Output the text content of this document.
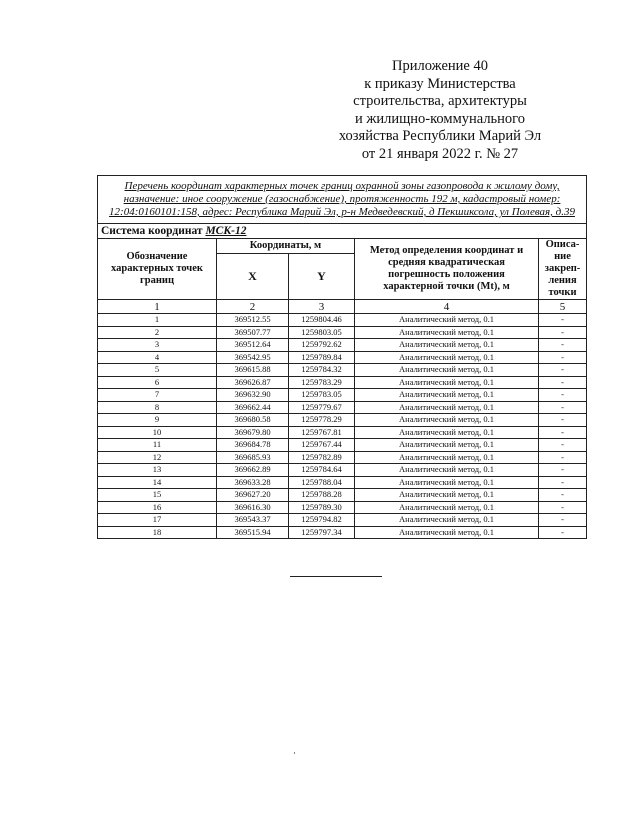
Приложение 40
к приказу Министерства
строительства, архитектуры
и жилищно-коммунального
хозяйства Республики Марий Эл
от 21 января 2022 г. № 27
Перечень координат характерных точек границ охранной зоны газопровода к жилому дому, назначение: иное сооружение (газоснабжение), протяженность 192 м, кадастровый номер: 12:04:0160101:158, адрес: Республика Марий Эл, р-н Медведевский, д Пекшиксола, ул Полевая, д.39				
Система координат МСК-12				
Обозначение характерных точек границ	Координаты, м		Метод определения координат и средняя квадратическая погрешность положения характерной точки (Mt), м	Описа-ние закреп-ления точки
	X	Y		
1	2	3	4	5
1	369512.55	1259804.46	Аналитический метод, 0.1	-
2	369507.77	1259803.05	Аналитический метод, 0.1	-
3	369512.64	1259792.62	Аналитический метод, 0.1	-
4	369542.95	1259789.84	Аналитический метод, 0.1	-
5	369615.88	1259784.32	Аналитический метод, 0.1	-
6	369626.87	1259783.29	Аналитический метод, 0.1	-
7	369632.90	1259783.05	Аналитический метод, 0.1	-
8	369662.44	1259779.67	Аналитический метод, 0.1	-
9	369680.58	1259778.29	Аналитический метод, 0.1	-
10	369679.80	1259767.81	Аналитический метод, 0.1	-
11	369684.78	1259767.44	Аналитический метод, 0.1	-
12	369685.93	1259782.89	Аналитический метод, 0.1	-
13	369662.89	1259784.64	Аналитический метод, 0.1	-
14	369633.28	1259788.04	Аналитический метод, 0.1	-
15	369627.20	1259788.28	Аналитический метод, 0.1	-
16	369616.30	1259789.30	Аналитический метод, 0.1	-
17	369543.37	1259794.82	Аналитический метод, 0.1	-
18	369515.94	1259797.34	Аналитический метод, 0.1	-
